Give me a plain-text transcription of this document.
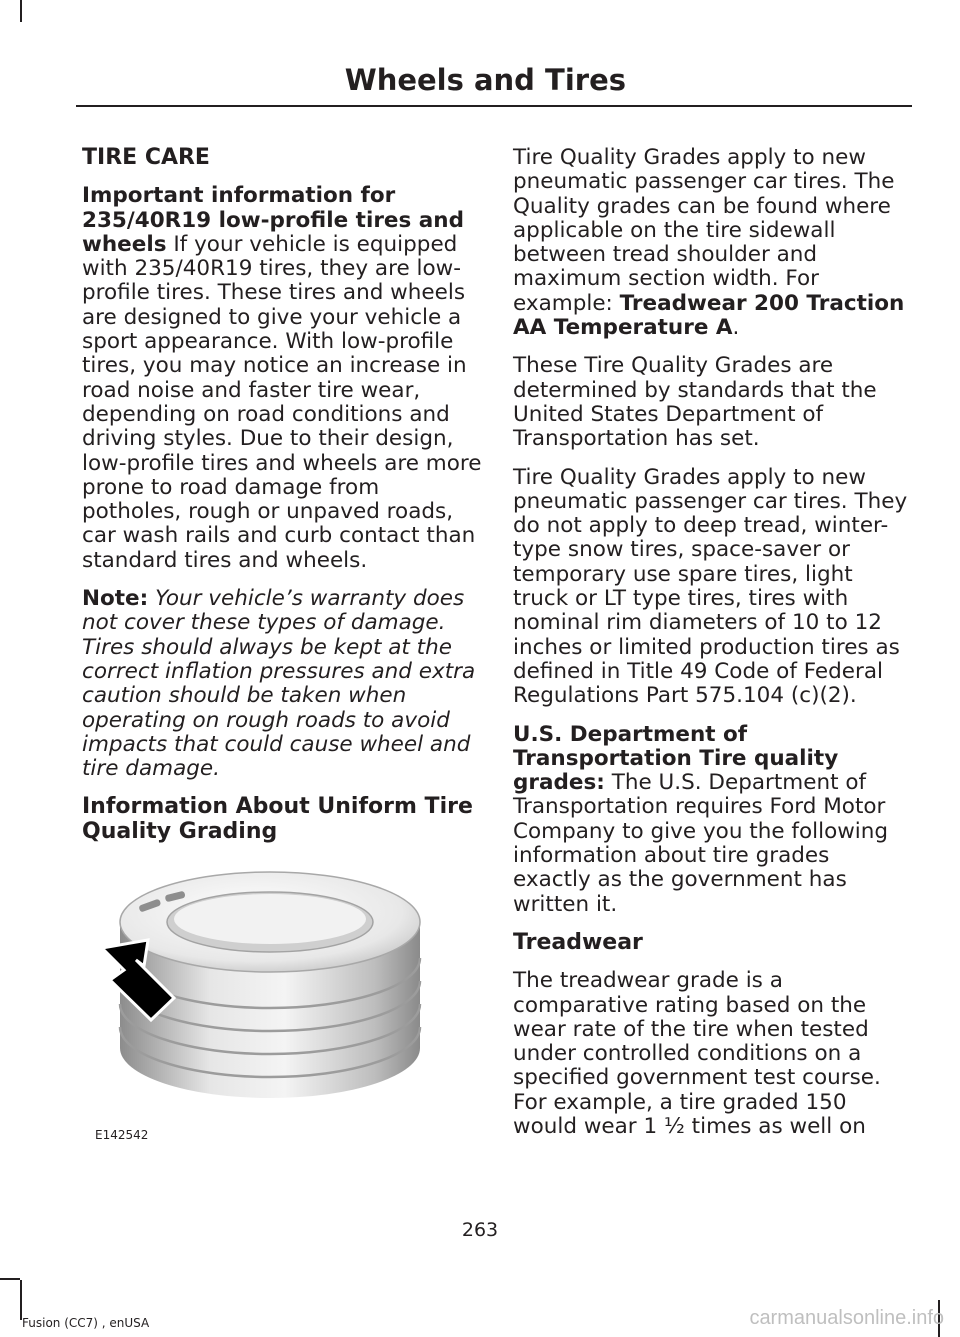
Wheels and Tires
TIRE CARE

Important information for 235/40R19 low-profile tires and wheels If your vehicle is equipped with 235/40R19 tires, they are low-profile tires. These tires and wheels are designed to give your vehicle a sport appearance. With low-profile tires, you may notice an increase in road noise and faster tire wear, depending on road conditions and driving styles. Due to their design, low-profile tires and wheels are more prone to road damage from potholes, rough or unpaved roads, car wash rails and curb contact than standard tires and wheels.

Note: Your vehicle’s warranty does not cover these types of damage. Tires should always be kept at the correct inflation pressures and extra caution should be taken when operating on rough roads to avoid impacts that could cause wheel and tire damage.

Information About Uniform Tire Quality Grading
E142542

Tire Quality Grades apply to new pneumatic passenger car tires. The Quality grades can be found where applicable on the tire sidewall between tread shoulder and maximum section width. For example: Treadwear 200 Traction AA Temperature A.

These Tire Quality Grades are determined by standards that the United States Department of Transportation has set.

Tire Quality Grades apply to new pneumatic passenger car tires. They do not apply to deep tread, winter-type snow tires, space-saver or temporary use spare tires, light truck or LT type tires, tires with nominal rim diameters of 10 to 12 inches or limited production tires as defined in Title 49 Code of Federal Regulations Part 575.104 (c)(2).

U.S. Department of Transportation Tire quality grades: The U.S. Department of Transportation requires Ford Motor Company to give you the following information about tire grades exactly as the government has written it.

Treadwear

The treadwear grade is a comparative rating based on the wear rate of the tire when tested under controlled conditions on a specified government test course. For example, a tire graded 150 would wear 1 ½ times as well on

263
Fusion (CC7) , enUSA	carmanualsonline.info
